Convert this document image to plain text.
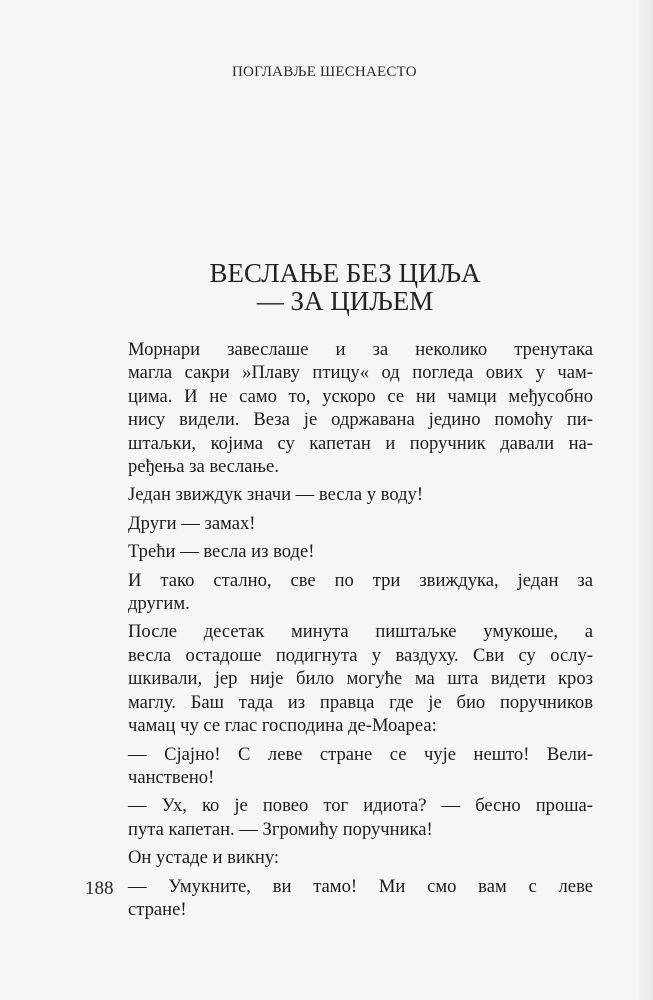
ПОГЛАВЉЕ ШЕСНАЕСТО
ВЕСЛАЊЕ БЕЗ ЦИЉА
— ЗА ЦИЉЕМ

Морнари завеслаше и за неколико тренутака
магла сакри »Плаву птицу« од погледа ових у чам-
цима. И не само то, ускоро се ни чамци међусобно
нису видели. Веза је одржавана једино помоћу пи-
штаљки, којима су капетан и поручник давали на-
ређења за веслање.

Један звиждук значи — весла у воду!

Други — замах!

Трећи — весла из воде!

И тако стално, све по три звиждука, један за
другим.

После десетак минута пиштаљке умукоше, а
весла остадоше подигнута у ваздуху. Сви су ослу-
шкивали, јер није било могуће ма шта видети кроз
маглу. Баш тада из правца где је био поручников
чамац чу се глас господина де-Моареа:

— Сјајно! С леве стране се чује нешто! Вели-
чанствено!

— Ух, ко је повео тог идиота? — бесно проша-
пута капетан. — Згромићу поручника!

Он устаде и викну:

— Умукните, ви тамо! Ми смо вам с леве
стране!

188
